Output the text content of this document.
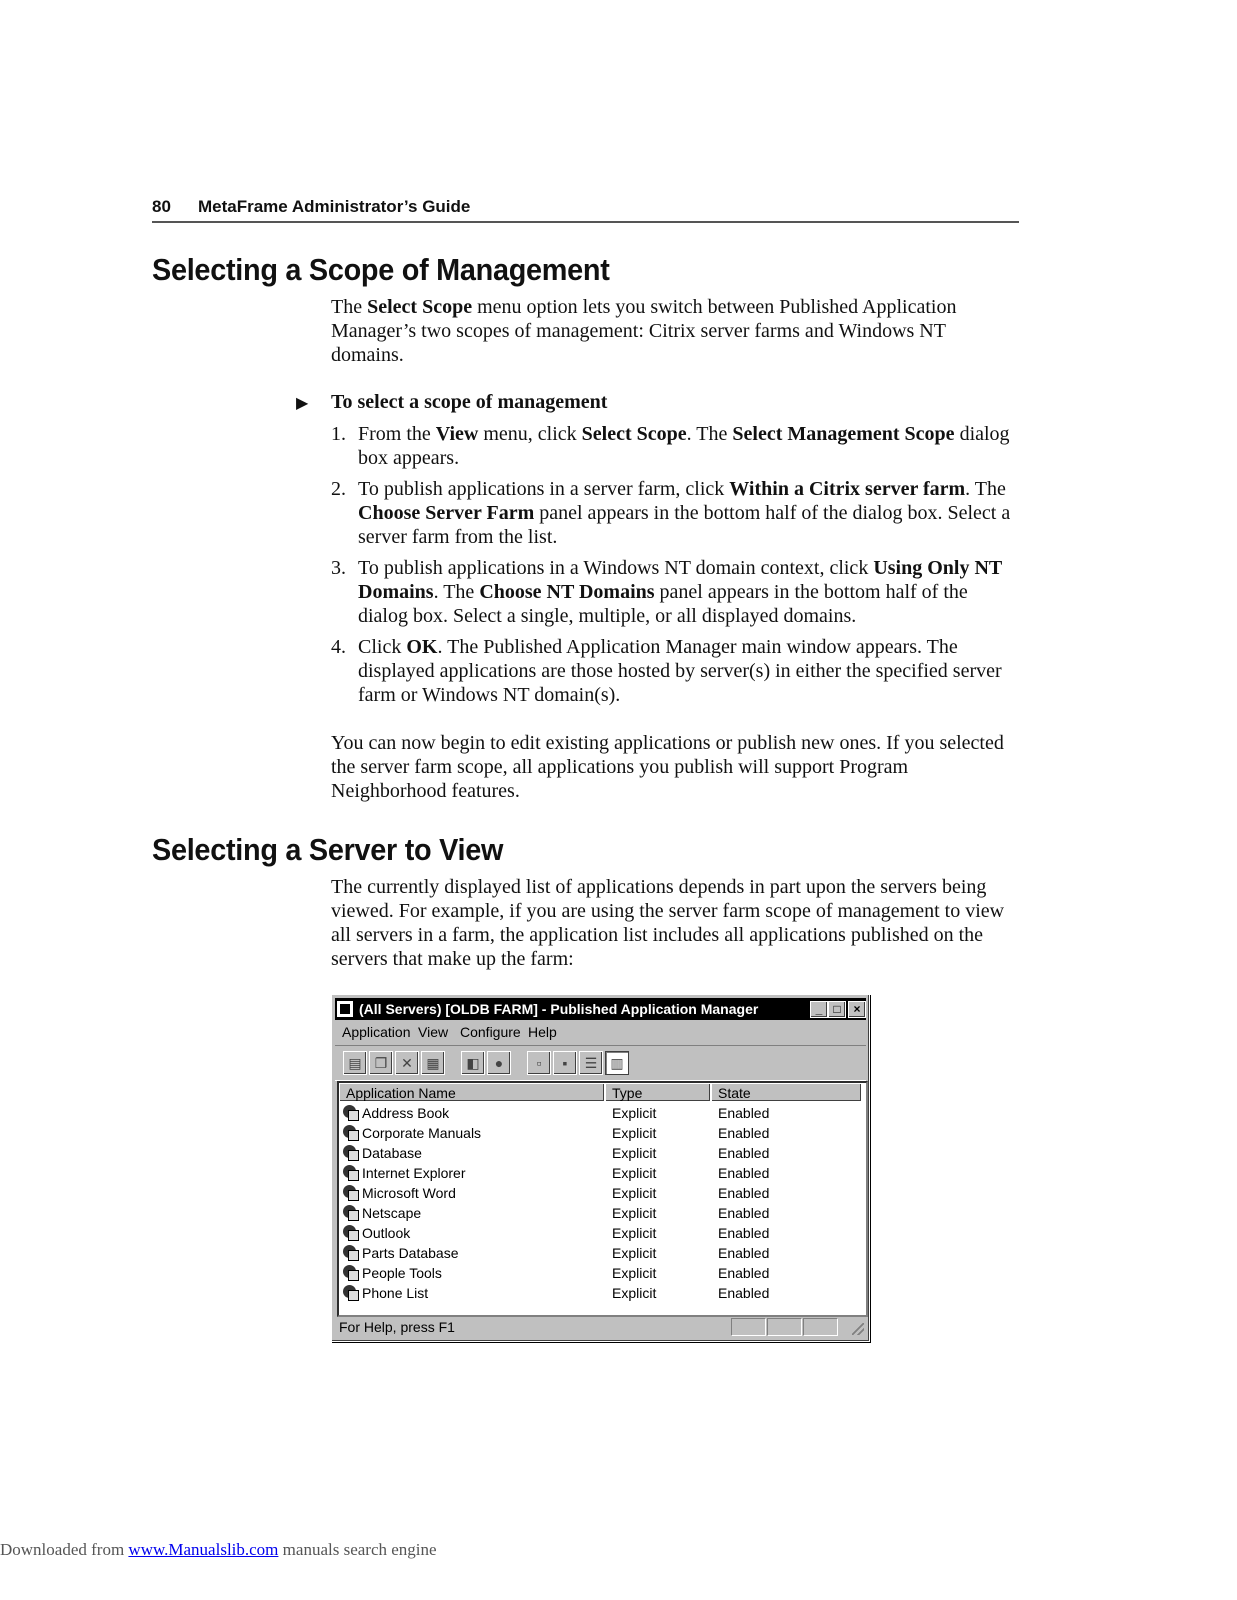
80 MetaFrame Administrator’s Guide
Selecting a Scope of Management

The Select Scope menu option lets you switch between Published Application Manager’s two scopes of management: Citrix server farms and Windows NT domains.

▶ To select a scope of management
1. From the View menu, click Select Scope. The Select Management Scope dialog box appears.
2. To publish applications in a server farm, click Within a Citrix server farm. The Choose Server Farm panel appears in the bottom half of the dialog box. Select a server farm from the list.
3. To publish applications in a Windows NT domain context, click Using Only NT Domains. The Choose NT Domains panel appears in the bottom half of the dialog box. Select a single, multiple, or all displayed domains.
4. Click OK. The Published Application Manager main window appears. The displayed applications are those hosted by server(s) in either the specified server farm or Windows NT domain(s).

You can now begin to edit existing applications or publish new ones. If you selected the server farm scope, all applications you publish will support Program Neighborhood features.

Selecting a Server to View

The currently displayed list of applications depends in part upon the servers being viewed. For example, if you are using the server farm scope of management to view all servers in a farm, the application list includes all applications published on the servers that make up the farm:

(All Servers) [OLDB FARM] - Published Application Manager	_ □	×
Application View Configure Help
▤ ❐ ✕ ▦	◧	●	▫	▪	☰ ▥
Application Name	Type	State
Address Book	Explicit	Enabled
Corporate Manuals	Explicit	Enabled
Database	Explicit	Enabled
Internet Explorer	Explicit	Enabled
Microsoft Word	Explicit	Enabled
Netscape	Explicit	Enabled
Outlook	Explicit	Enabled
Parts Database	Explicit	Enabled
People Tools	Explicit	Enabled
Phone List	Explicit	Enabled
For Help, press F1
Downloaded from www.Manualslib.com manuals search engine
